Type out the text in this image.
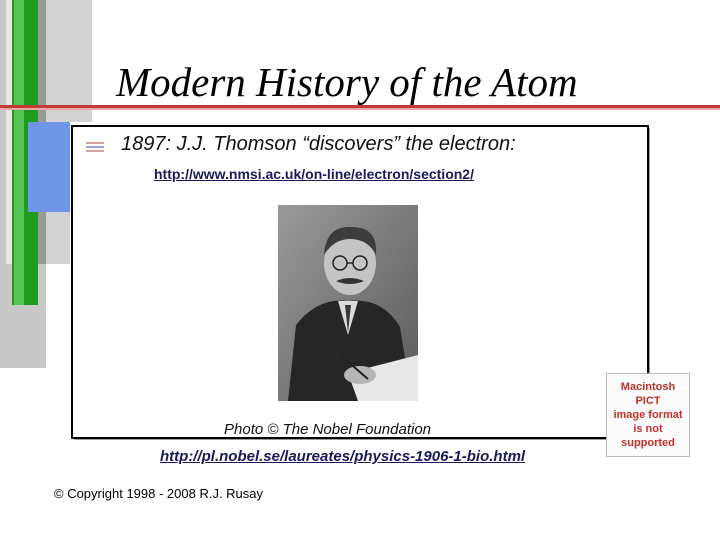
Modern History of the Atom
1897: J.J. Thomson “discovers” the electron:
http://www.nmsi.ac.uk/on-line/electron/section2/
Photo © The Nobel Foundation
http://pl.nobel.se/laureates/physics-1906-1-bio.html
Macintosh PICT
image format
is not supported
© Copyright 1998 - 2008 R.J. Rusay
